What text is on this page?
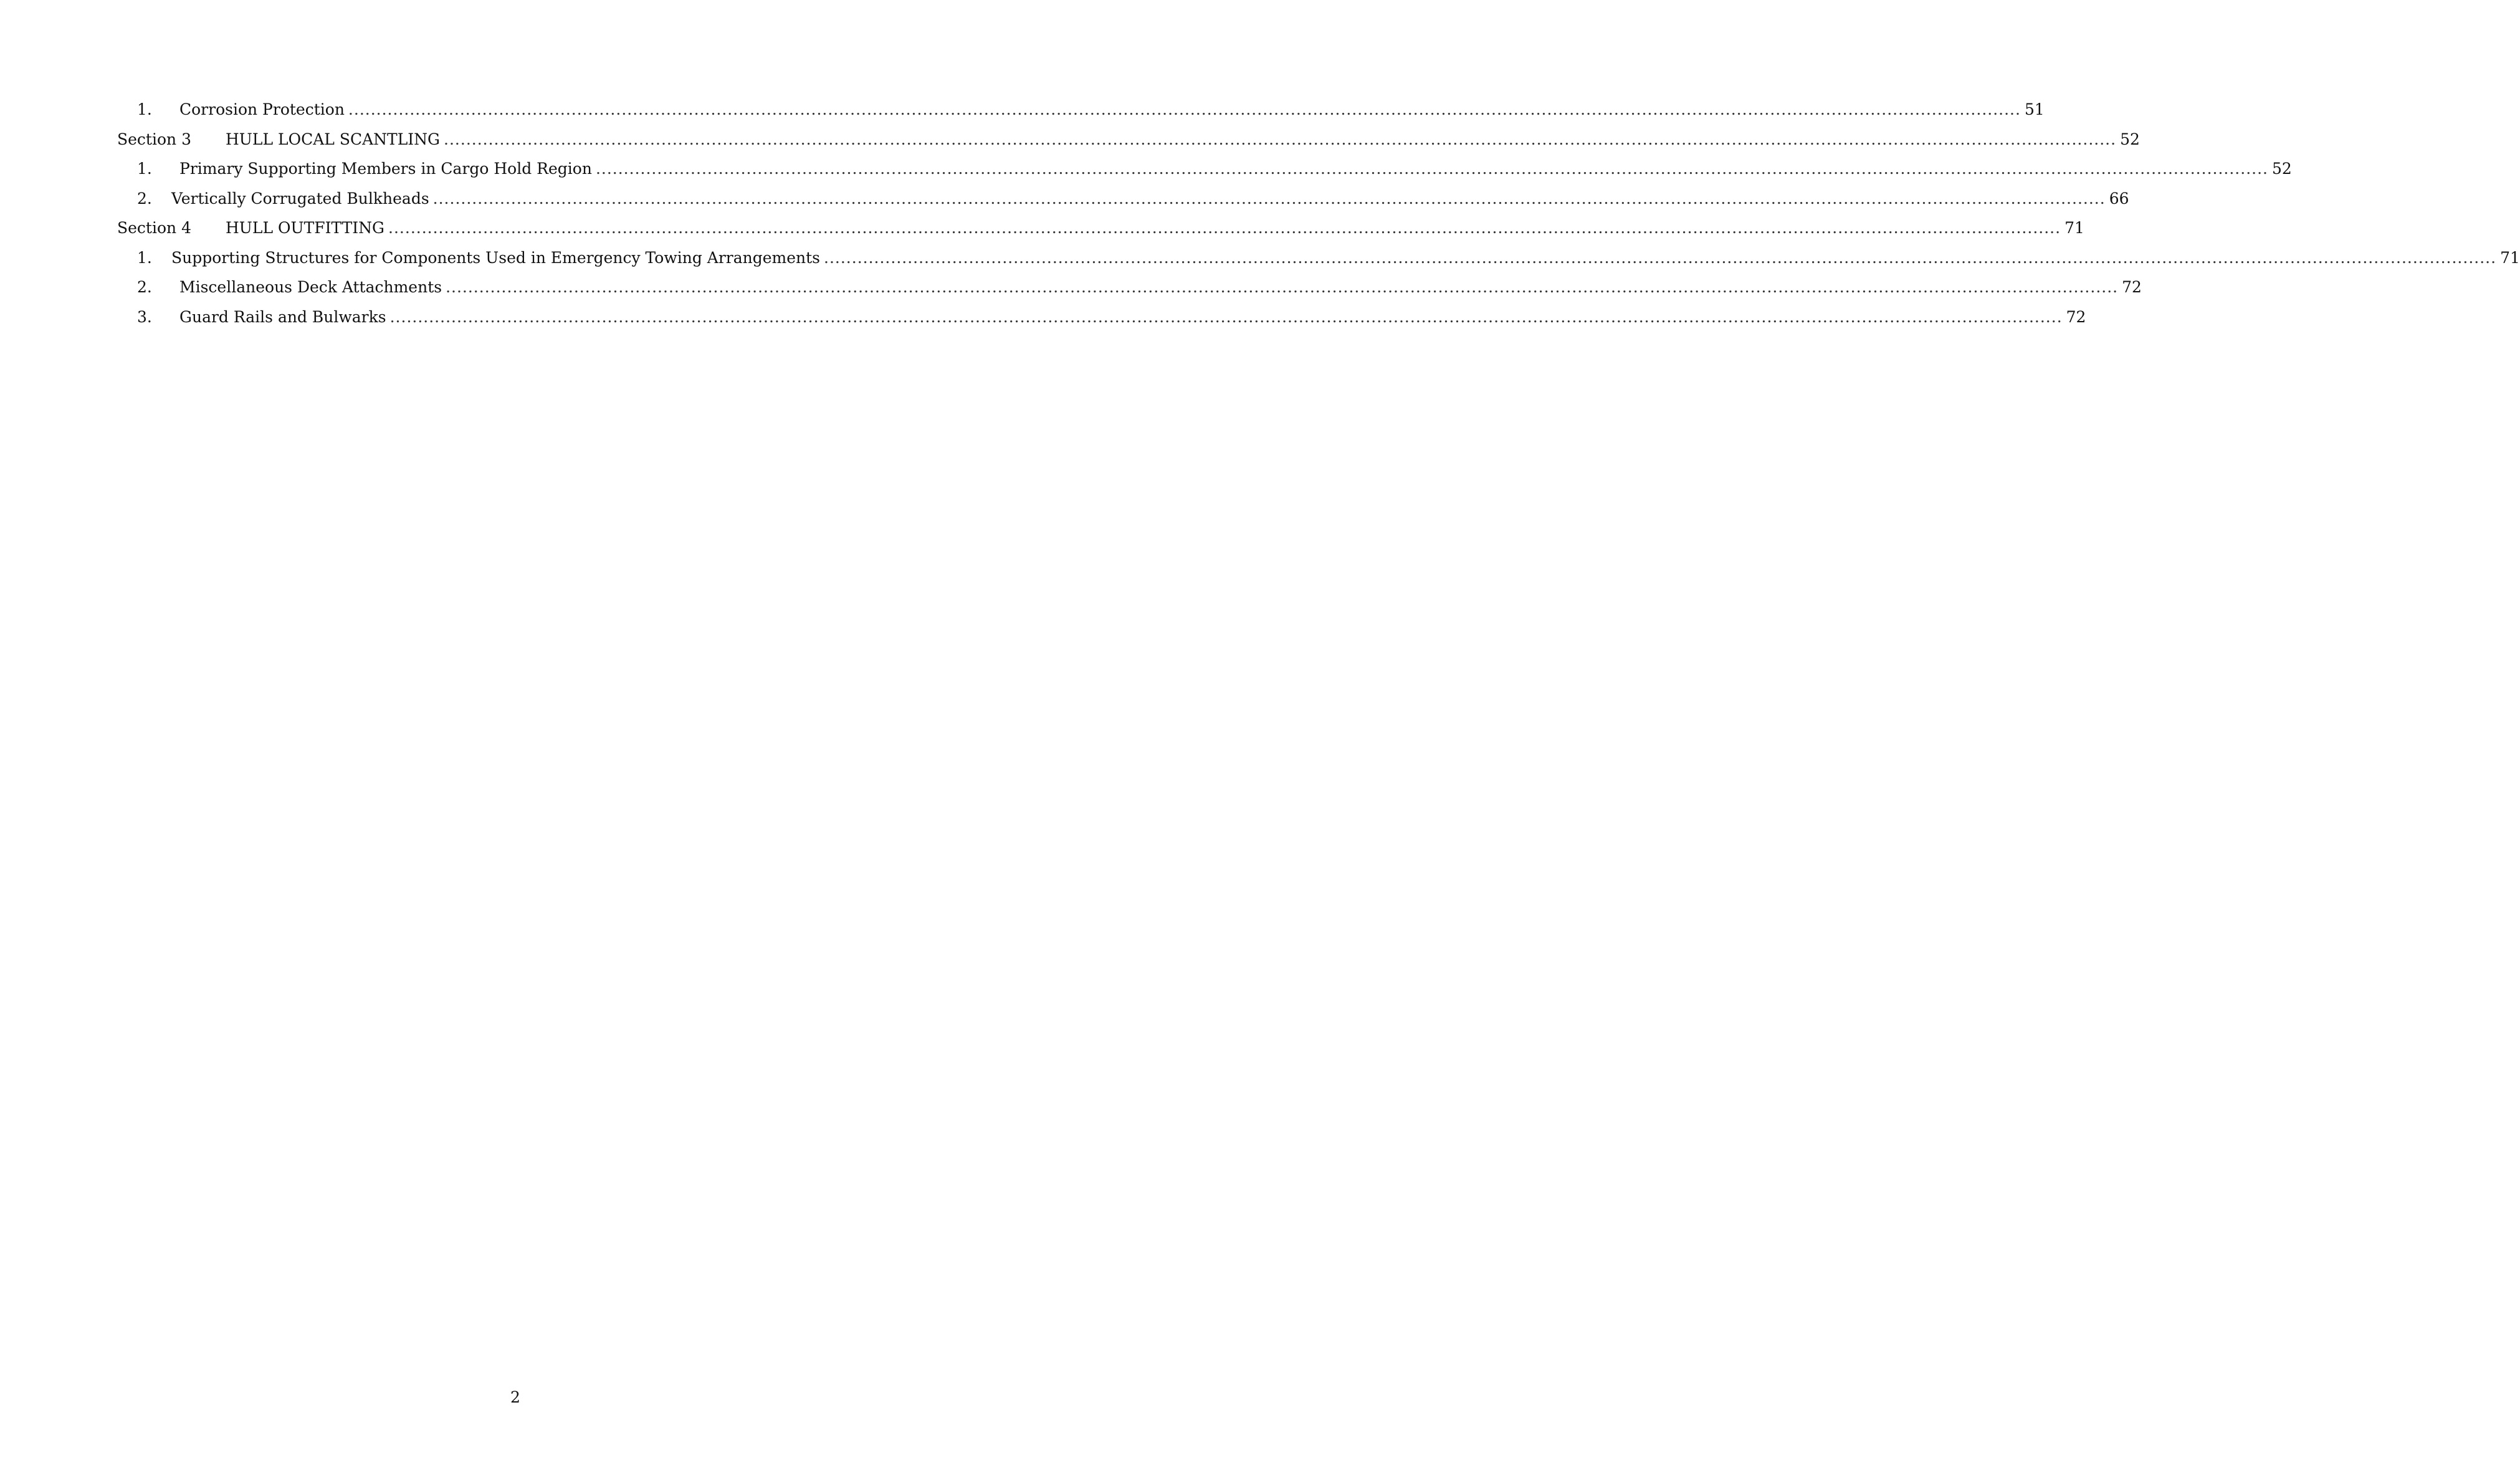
1. Corrosion Protection ............................................................................................................................................................................................................................................................................................................ 51
Section 3 HULL LOCAL SCANTLING ............................................................................................................................................................................................................................................................................................................ 52
1. Primary Supporting Members in Cargo Hold Region ............................................................................................................................................................................................................................................................................................................ 52
2. Vertically Corrugated Bulkheads ............................................................................................................................................................................................................................................................................................................ 66
Section 4 HULL OUTFITTING ............................................................................................................................................................................................................................................................................................................ 71
1. Supporting Structures for Components Used in Emergency Towing Arrangements ............................................................................................................................................................................................................................................................................................................ 71
2. Miscellaneous Deck Attachments ............................................................................................................................................................................................................................................................................................................ 72
3. Guard Rails and Bulwarks ............................................................................................................................................................................................................................................................................................................ 72
2
